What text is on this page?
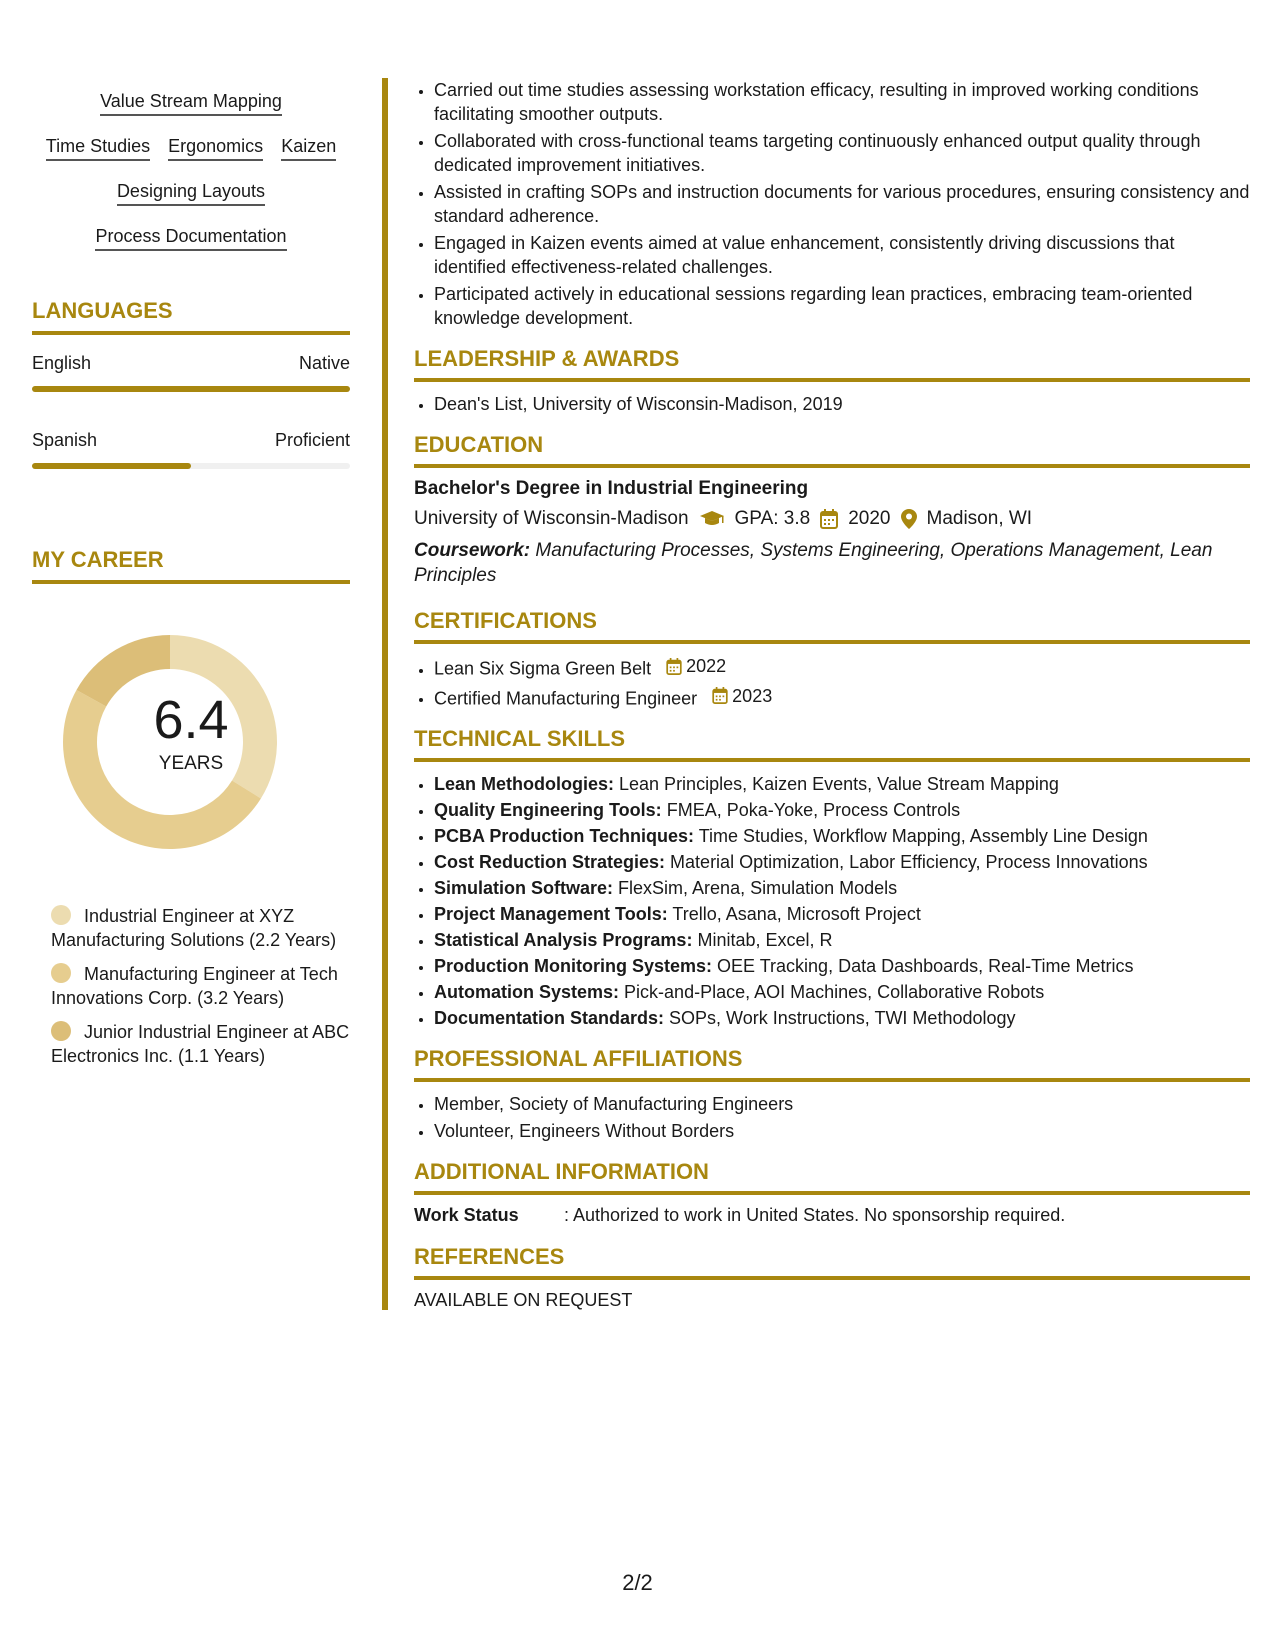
Value Stream Mapping
Time Studies Ergonomics Kaizen
Designing Layouts
Process Documentation
LANGUAGES
English	Native
Spanish	Proficient
MY CAREER
6.4
YEARS
Industrial Engineer at XYZ Manufacturing Solutions (2.2 Years)
Manufacturing Engineer at Tech Innovations Corp. (3.2 Years)
Junior Industrial Engineer at ABC Electronics Inc. (1.1 Years)
• Carried out time studies assessing workstation efficacy, resulting in improved working conditions facilitating smoother outputs.
• Collaborated with cross-functional teams targeting continuously enhanced output quality through dedicated improvement initiatives.
• Assisted in crafting SOPs and instruction documents for various procedures, ensuring consistency and standard adherence.
• Engaged in Kaizen events aimed at value enhancement, consistently driving discussions that identified effectiveness-related challenges.
• Participated actively in educational sessions regarding lean practices, embracing team-oriented knowledge development.
LEADERSHIP & AWARDS
• Dean's List, University of Wisconsin-Madison, 2019
EDUCATION
Bachelor's Degree in Industrial Engineering
University of Wisconsin-Madison GPA: 3.8 2020 Madison, WI
Coursework: Manufacturing Processes, Systems Engineering, Operations Management, Lean Principles
CERTIFICATIONS
• Lean Six Sigma Green Belt 2022
• Certified Manufacturing Engineer 2023
TECHNICAL SKILLS
• Lean Methodologies: Lean Principles, Kaizen Events, Value Stream Mapping
• Quality Engineering Tools: FMEA, Poka-Yoke, Process Controls
• PCBA Production Techniques: Time Studies, Workflow Mapping, Assembly Line Design
• Cost Reduction Strategies: Material Optimization, Labor Efficiency, Process Innovations
• Simulation Software: FlexSim, Arena, Simulation Models
• Project Management Tools: Trello, Asana, Microsoft Project
• Statistical Analysis Programs: Minitab, Excel, R
• Production Monitoring Systems: OEE Tracking, Data Dashboards, Real-Time Metrics
• Automation Systems: Pick-and-Place, AOI Machines, Collaborative Robots
• Documentation Standards: SOPs, Work Instructions, TWI Methodology
PROFESSIONAL AFFILIATIONS
• Member, Society of Manufacturing Engineers
• Volunteer, Engineers Without Borders
ADDITIONAL INFORMATION
Work Status	: Authorized to work in United States. No sponsorship required.
REFERENCES
AVAILABLE ON REQUEST
2/2
